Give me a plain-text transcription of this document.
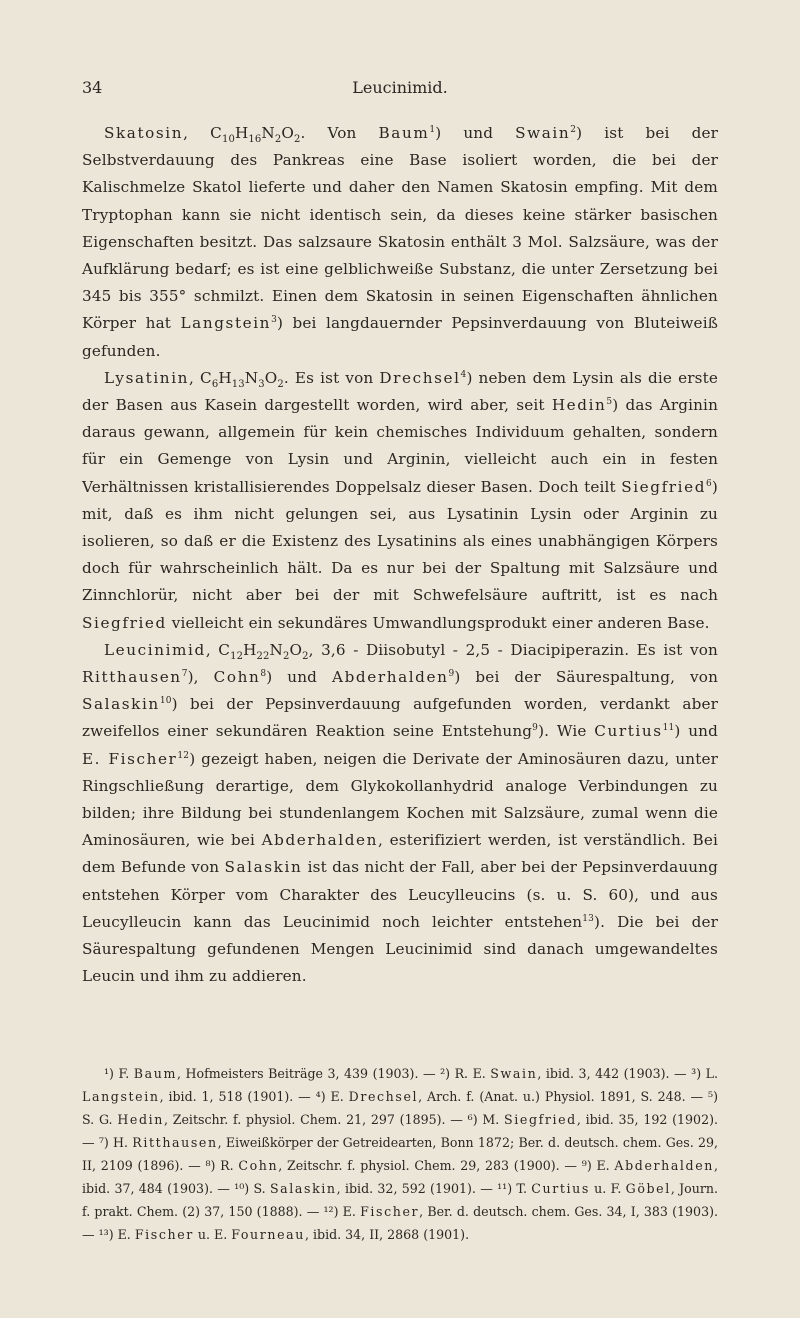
34	Leucinimid.

Skatosin, $C_{10}H_{16}N_2O_2$. Von Baum$^1$) und Swain$^2$) ist bei der Selbstverdauung des Pankreas eine Base isoliert worden, die bei der Kalischmelze Skatol lieferte und daher den Namen Skatosin empfing. Mit dem Tryptophan kann sie nicht identisch sein, da dieses keine stärker basischen Eigenschaften besitzt. Das salzsaure Skatosin enthält 3 Mol. Salzsäure, was der Aufklärung bedarf; es ist eine gelblichweiße Substanz, die unter Zersetzung bei 345 bis 355° schmilzt. Einen dem Skatosin in seinen Eigenschaften ähnlichen Körper hat Langstein$^3$) bei langdauernder Pepsinverdauung von Bluteiweiß gefunden.

Lysatinin, $C_6H_{13}N_3O_2$. Es ist von Drechsel$^4$) neben dem Lysin als die erste der Basen aus Kasein dargestellt worden, wird aber, seit Hedin$^5$) das Arginin daraus gewann, allgemein für kein chemisches Individuum gehalten, sondern für ein Gemenge von Lysin und Arginin, vielleicht auch ein in festen Verhältnissen kristallisierendes Doppelsalz dieser Basen. Doch teilt Siegfried$^6$) mit, daß es ihm nicht gelungen sei, aus Lysatinin Lysin oder Arginin zu isolieren, so daß er die Existenz des Lysatinins als eines unabhängigen Körpers doch für wahrscheinlich hält. Da es nur bei der Spaltung mit Salzsäure und Zinnchlorür, nicht aber bei der mit Schwefelsäure auftritt, ist es nach Siegfried vielleicht ein sekundäres Umwandlungsprodukt einer anderen Base.

Leucinimid, $C_{12}H_{22}N_2O_2$, 3,6 - Diisobutyl - 2,5 - Diacipiperazin. Es ist von Ritthausen$^7$), Cohn$^8$) und Abderhalden$^9$) bei der Säurespaltung, von Salaskin$^{10}$) bei der Pepsinverdauung aufgefunden worden, verdankt aber zweifellos einer sekundären Reaktion seine Entstehung$^9$). Wie Curtius$^{11}$) und E. Fischer$^{12}$) gezeigt haben, neigen die Derivate der Aminosäuren dazu, unter Ringschließung derartige, dem Glykokollanhydrid analoge Verbindungen zu bilden; ihre Bildung bei stundenlangem Kochen mit Salzsäure, zumal wenn die Aminosäuren, wie bei Abderhalden, esterifiziert werden, ist verständlich. Bei dem Befunde von Salaskin ist das nicht der Fall, aber bei der Pepsinverdauung entstehen Körper vom Charakter des Leucylleucins (s. u. S. 60), und aus Leucylleucin kann das Leucinimid noch leichter entstehen$^{13}$). Die bei der Säurespaltung gefundenen Mengen Leucinimid sind danach umgewandeltes Leucin und ihm zu addieren.

¹) F. Baum, Hofmeisters Beiträge 3, 439 (1903). — ²) R. E. Swain, ibid. 3, 442 (1903). — ³) L. Langstein, ibid. 1, 518 (1901). — ⁴) E. Drechsel, Arch. f. (Anat. u.) Physiol. 1891, S. 248. — ⁵) S. G. Hedin, Zeitschr. f. physiol. Chem. 21, 297 (1895). — ⁶) M. Siegfried, ibid. 35, 192 (1902). — ⁷) H. Ritthausen, Eiweißkörper der Getreidearten, Bonn 1872; Ber. d. deutsch. chem. Ges. 29, II, 2109 (1896). — ⁸) R. Cohn, Zeitschr. f. physiol. Chem. 29, 283 (1900). — ⁹) E. Abderhalden, ibid. 37, 484 (1903). — ¹⁰) S. Salaskin, ibid. 32, 592 (1901). — ¹¹) T. Curtius u. F. Göbel, Journ. f. prakt. Chem. (2) 37, 150 (1888). — ¹²) E. Fischer, Ber. d. deutsch. chem. Ges. 34, I, 383 (1903). — ¹³) E. Fischer u. E. Fourneau, ibid. 34, II, 2868 (1901).
